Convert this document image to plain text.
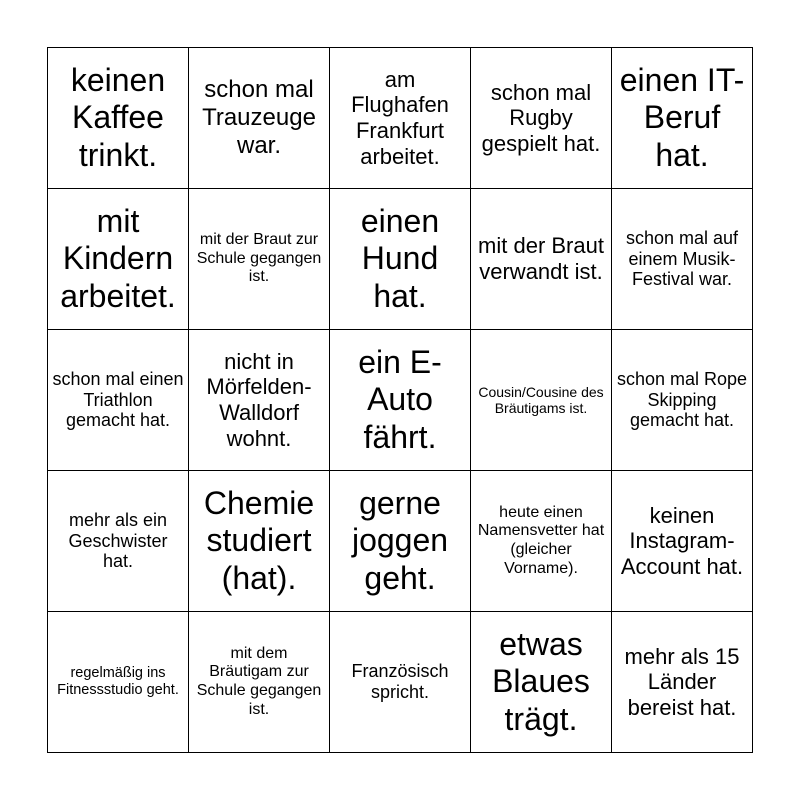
keinen Kaffee trinkt.	schon mal Trauzeuge war.	am Flughafen Frankfurt arbeitet.	schon mal Rugby gespielt hat.	einen IT-Beruf hat.
mit Kindern arbeitet.	mit der Braut zur Schule gegangen ist.	einen Hund hat.	mit der Braut verwandt ist.	schon mal auf einem Musik-Festival war.
schon mal einen Triathlon gemacht hat.	nicht in Mörfelden-Walldorf wohnt.	ein E-Auto fährt.	Cousin/Cousine des Bräutigams ist.	schon mal Rope Skipping gemacht hat.
mehr als ein Geschwister hat.	Chemie studiert (hat).	gerne joggen geht.	heute einen Namensvetter hat (gleicher Vorname).	keinen Instagram-Account hat.
regelmäßig ins Fitnessstudio geht.	mit dem Bräutigam zur Schule gegangen ist.	Französisch spricht.	etwas Blaues trägt.	mehr als 15 Länder bereist hat.
